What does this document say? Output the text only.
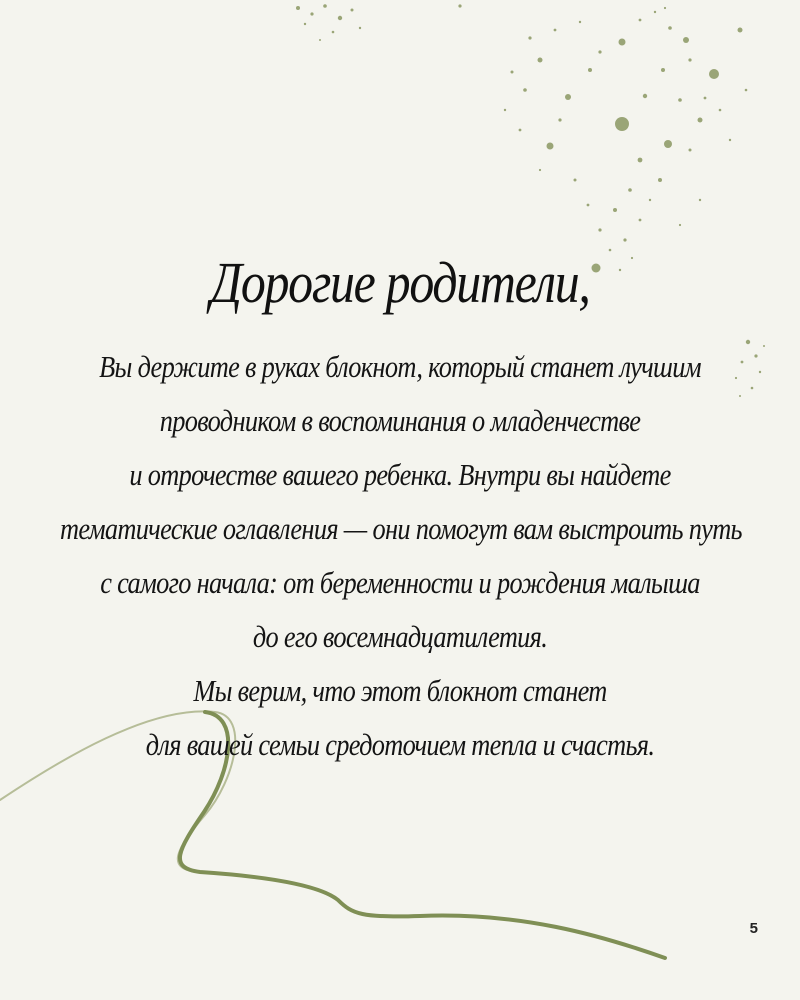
Дорогие родители,
Вы держите в руках блокнот, который станет лучшим
проводником в воспоминания о младенчестве
и отрочестве вашего ребенка. Внутри вы найдете
тематические оглавления — они помогут вам выстроить путь
с самого начала: от беременности и рождения малыша
до его восемнадцатилетия.
Мы верим, что этот блокнот станет
для вашей семьи средоточием тепла и счастья.
5
